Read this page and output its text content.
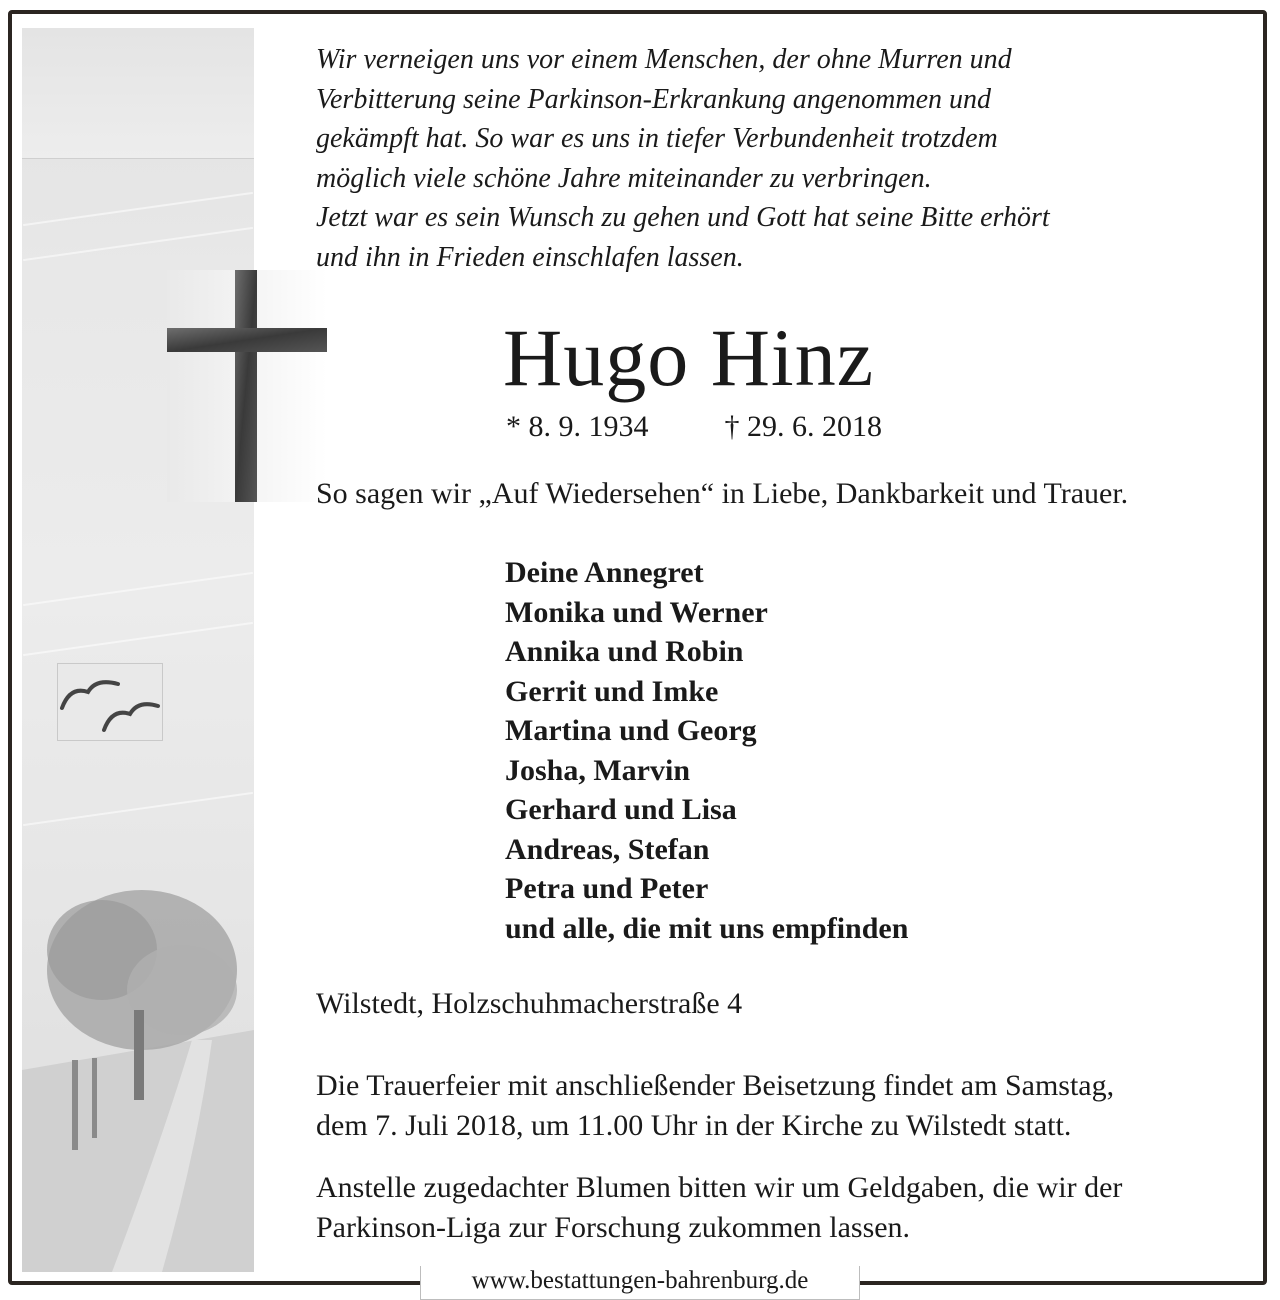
Wir verneigen uns vor einem Menschen, der ohne Murren und
Verbitterung seine Parkinson-Erkrankung angenommen und
gekämpft hat. So war es uns in tiefer Verbundenheit trotzdem
möglich viele schöne Jahre miteinander zu verbringen.
Jetzt war es sein Wunsch zu gehen und Gott hat seine Bitte erhört
und ihn in Frieden einschlafen lassen.
Hugo Hinz
* 8. 9. 1934	† 29. 6. 2018
So sagen wir „Auf Wiedersehen“ in Liebe, Dankbarkeit und Trauer.
Deine Annegret
Monika und Werner
Annika und Robin
Gerrit und Imke
Martina und Georg
Josha, Marvin
Gerhard und Lisa
Andreas, Stefan
Petra und Peter
und alle, die mit uns empfinden
Wilstedt, Holzschuhmacherstraße 4
Die Trauerfeier mit anschließender Beisetzung findet am Samstag,
dem 7. Juli 2018, um 11.00 Uhr in der Kirche zu Wilstedt statt.
Anstelle zugedachter Blumen bitten wir um Geldgaben, die wir der
Parkinson-Liga zur Forschung zukommen lassen.
www.bestattungen-bahrenburg.de
